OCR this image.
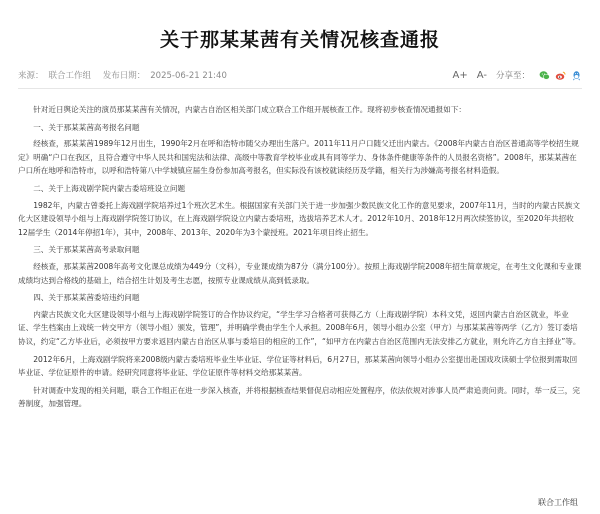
关于那某某茜有关情况核查通报
来源： 联合工作组 发布日期： 2025-06-21 21:40	A+ A- 分享至：

针对近日舆论关注的演员那某某茜有关情况，内蒙古自治区相关部门成立联合工作组开展核查工作。现将初步核查情况通报如下：

一、关于那某某茜高考报名问题

经核查，那某某茜1989年12月出生，1990年2月在呼和浩特市随父办理出生落户。2011年11月户口随父迁出内蒙古。《2008年内蒙古自治区普通高等学校招生规定》明确“户口在我区，且符合遵守中华人民共和国宪法和法律、高级中等教育学校毕业或具有同等学力、身体条件健康等条件的人员报名资格”。2008年，那某某茜在户口所在地呼和浩特市，以呼和浩特第八中学城镇应届生身份参加高考报名，但实际没有该校就读经历及学籍，相关行为涉嫌高考报名材料造假。

二、关于上海戏剧学院内蒙古委培班设立问题

1982年，内蒙古曾委托上海戏剧学院培养过1个班次艺术生。根据国家有关部门关于进一步加强少数民族文化工作的意见要求，2007年11月，当时的内蒙古民族文化大区建设领导小组与上海戏剧学院签订协议，在上海戏剧学院设立内蒙古委培班，选拔培养艺术人才。2012年10月、2018年12月两次续签协议，至2020年共招收12届学生（2014年停招1年），其中，2008年、2013年、2020年为3个蒙授班。2021年项目终止招生。

三、关于那某某茜高考录取问题

经核查，那某某茜2008年高考文化课总成绩为449分（文科），专业课成绩为87分（满分100分）。按照上海戏剧学院2008年招生简章规定，在考生文化课和专业课成绩均达到合格线的基础上，结合招生计划及考生志愿，按照专业课成绩从高到低录取。

四、关于那某某茜委培违约问题

内蒙古民族文化大区建设领导小组与上海戏剧学院签订的合作协议约定，“学生学习合格者可获得乙方（上海戏剧学院）本科文凭，返回内蒙古自治区就业，毕业证、学生档案由上戏统一转交甲方（领导小组）颁发，管理”，并明确学费由学生个人承担。2008年6月，领导小组办公室（甲方）与那某某茜等两学（乙方）签订委培协议，约定“乙方毕业后，必须按甲方要求返回内蒙古自治区从事与委培目的相应的工作”，“如甲方在内蒙古自治区范围内无法安排乙方就业，则允许乙方自主择业”等。

2012年6月，上海戏剧学院将来2008级内蒙古委培班毕业生毕业证、学位证等材料后，6月27日，那某某茜向领导小组办公室提出赴国戏攻读硕士学位报到需取回毕业证、学位证原件的申请。经研究同意将毕业证、学位证原件等材料交给那某某茜。

针对调查中发现的相关问题，联合工作组正在进一步深入核查，并将根据核查结果督促启动相应处置程序，依法依规对涉事人员严肃追责问责。同时，举一反三，完善制度，加强管理。

联合工作组
